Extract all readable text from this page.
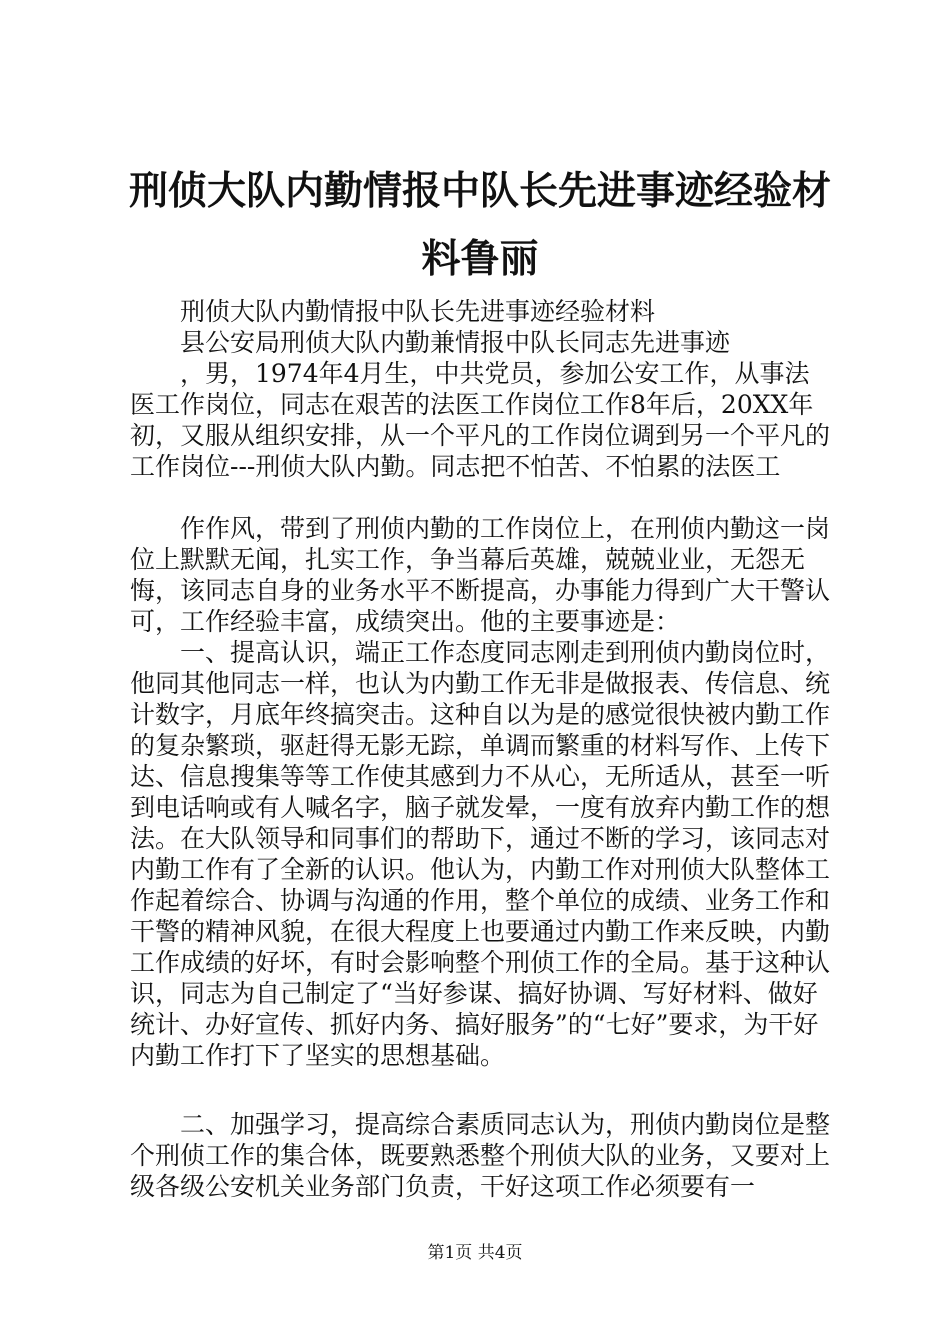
刑侦大队内勤情报中队长先进事迹经验材料鲁丽

刑侦大队内勤情报中队长先进事迹经验材料

县公安局刑侦大队内勤兼情报中队长同志先进事迹

，男，1974年4月生，中共党员，参加公安工作，从事法医工作岗位，同志在艰苦的法医工作岗位工作8年后，20XX年初，又服从组织安排，从一个平凡的工作岗位调到另一个平凡的工作岗位---刑侦大队内勤。同志把不怕苦、不怕累的法医工

作作风，带到了刑侦内勤的工作岗位上，在刑侦内勤这一岗位上默默无闻，扎实工作，争当幕后英雄，兢兢业业，无怨无悔，该同志自身的业务水平不断提高，办事能力得到广大干警认可，工作经验丰富，成绩突出。他的主要事迹是：

一、提高认识，端正工作态度同志刚走到刑侦内勤岗位时，他同其他同志一样，也认为内勤工作无非是做报表、传信息、统计数字，月底年终搞突击。这种自以为是的感觉很快被内勤工作的复杂繁琐，驱赶得无影无踪，单调而繁重的材料写作、上传下达、信息搜集等等工作使其感到力不从心，无所适从，甚至一听到电话响或有人喊名字，脑子就发晕，一度有放弃内勤工作的想法。在大队领导和同事们的帮助下，通过不断的学习，该同志对内勤工作有了全新的认识。他认为，内勤工作对刑侦大队整体工作起着综合、协调与沟通的作用，整个单位的成绩、业务工作和干警的精神风貌，在很大程度上也要通过内勤工作来反映，内勤工作成绩的好坏，有时会影响整个刑侦工作的全局。基于这种认识，同志为自己制定了“当好参谋、搞好协调、写好材料、做好统计、办好宣传、抓好内务、搞好服务”的“七好”要求，为干好内勤工作打下了坚实的思想基础。

二、加强学习，提高综合素质同志认为，刑侦内勤岗位是整个刑侦工作的集合体，既要熟悉整个刑侦大队的业务，又要对上级各级公安机关业务部门负责，干好这项工作必须要有一

第1页 共4页
